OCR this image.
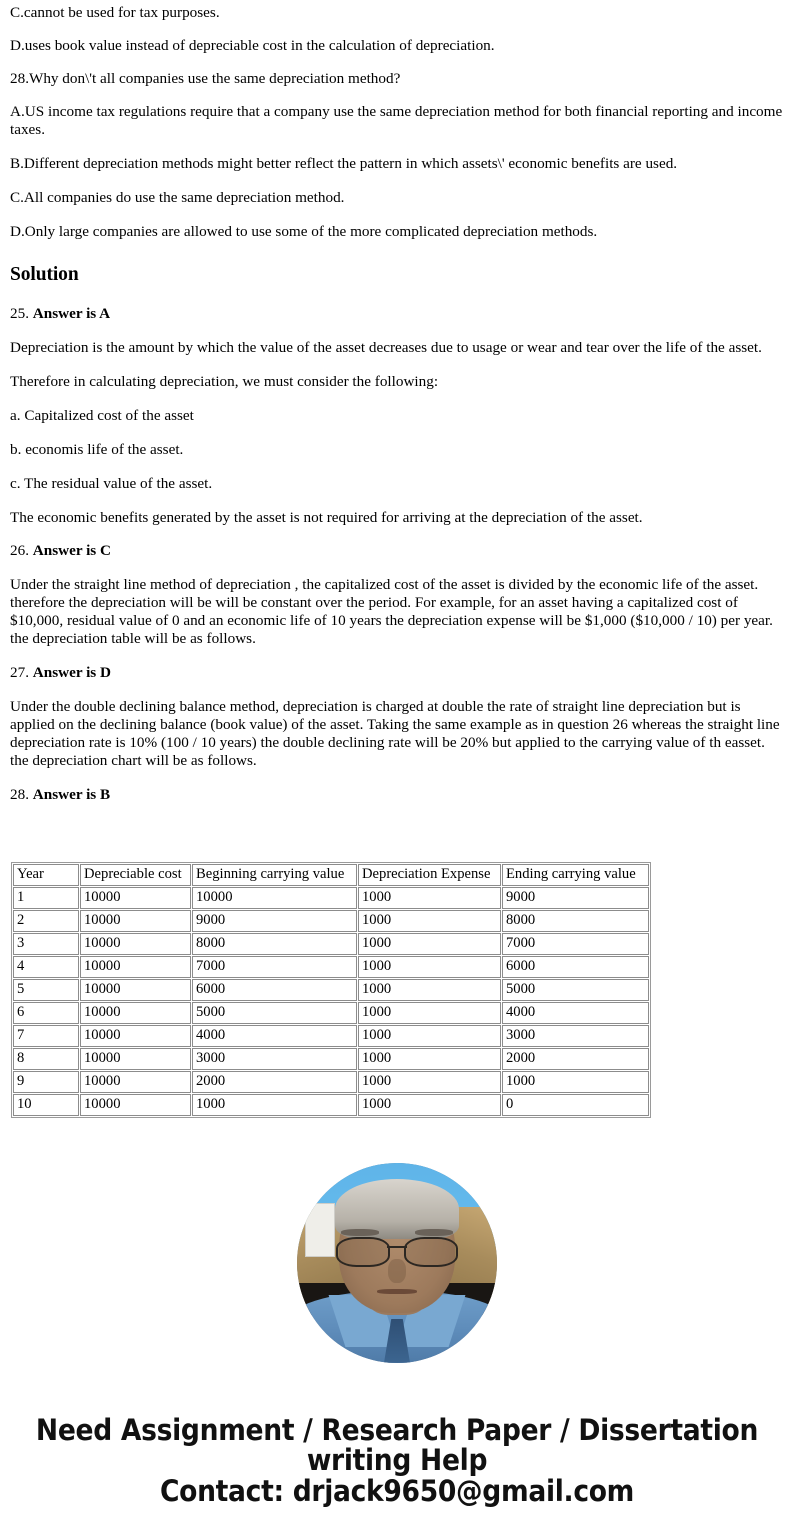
C.cannot be used for tax purposes.

D.uses book value instead of depreciable cost in the calculation of depreciation.

28.Why don\'t all companies use the same depreciation method?

A.US income tax regulations require that a company use the same depreciation method for both financial reporting and income taxes.

B.Different depreciation methods might better reflect the pattern in which assets\' economic benefits are used.

C.All companies do use the same depreciation method.

D.Only large companies are allowed to use some of the more complicated depreciation methods.

Solution

25. Answer is A

Depreciation is the amount by which the value of the asset decreases due to usage or wear and tear over the life of the asset.

Therefore in calculating depreciation, we must consider the following:

a. Capitalized cost of the asset

b. economis life of the asset.

c. The residual value of the asset.

The economic benefits generated by the asset is not required for arriving at the depreciation of the asset.

26. Answer is C

Under the straight line method of depreciation , the capitalized cost of the asset is divided by the economic life of the asset. therefore the depreciation will be will be constant over the period. For example, for an asset having a capitalized cost of $10,000, residual value of 0 and an economic life of 10 years the depreciation expense will be $1,000 ($10,000 / 10) per year. the depreciation table will be as follows.

27. Answer is D

Under the double declining balance method, depreciation is charged at double the rate of straight line depreciation but is applied on the declining balance (book value) of the asset. Taking the same example as in question 26 whereas the straight line depreciation rate is 10% (100 / 10 years) the double declining rate will be 20% but applied to the carrying value of th easset. the depreciation chart will be as follows.

28. Answer is B

Year	Depreciable cost	Beginning carrying value	Depreciation Expense	Ending carrying value
1	10000	10000	1000	9000
2	10000	9000	1000	8000
3	10000	8000	1000	7000
4	10000	7000	1000	6000
5	10000	6000	1000	5000
6	10000	5000	1000	4000
7	10000	4000	1000	3000
8	10000	3000	1000	2000
9	10000	2000	1000	1000
10	10000	1000	1000	0
Need Assignment / Research Paper / Dissertation
writing Help
Contact: drjack9650@gmail.com
